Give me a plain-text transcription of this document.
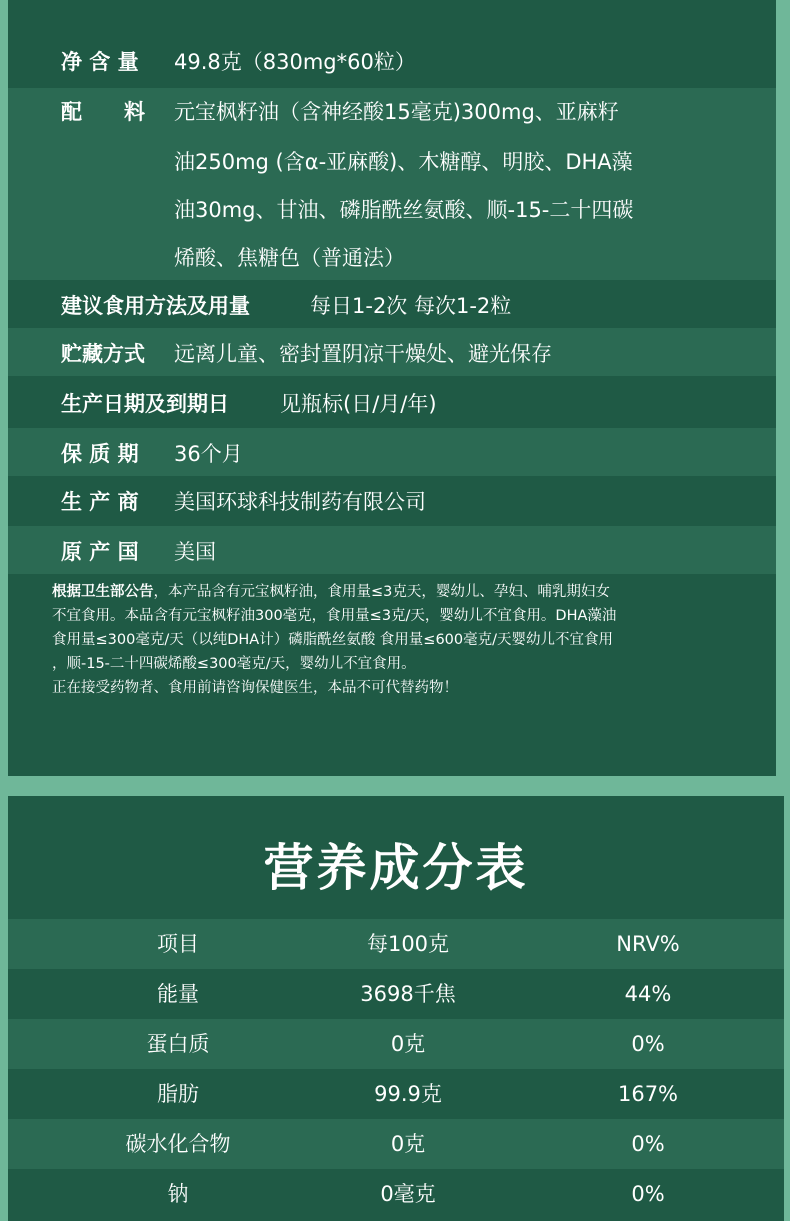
净 含 量 49.8克（830mg*60粒）
配　　料 元宝枫籽油（含神经酸15毫克)300mg、亚麻籽
油250mg (含α-亚麻酸)、木糖醇、明胶、DHA藻
油30mg、甘油、磷脂酰丝氨酸、顺-15-二十四碳
烯酸、焦糖色（普通法）
建议食用方法及用量	每日1-2次 每次1-2粒
贮藏方式 远离儿童、密封置阴凉干燥处、避光保存
生产日期及到期日 见瓶标(日/月/年)
保 质 期 36个月
生 产 商 美国环球科技制药有限公司
原 产 国 美国
根据卫生部公告，本产品含有元宝枫籽油，食用量≤3克天，婴幼儿、孕妇、哺乳期妇女
不宜食用。本品含有元宝枫籽油300毫克，食用量≤3克/天，婴幼儿不宜食用。DHA藻油
食用量≤300毫克/天（以纯DHA计）磷脂酰丝氨酸 食用量≤600毫克/天婴幼儿不宜食用
，顺-15-二十四碳烯酸≤300毫克/天，婴幼儿不宜食用。
正在接受药物者、食用前请咨询保健医生，本品不可代替药物！
营养成分表
项目	每100克	NRV%
能量	3698千焦	44%
蛋白质	0克	0%
脂肪	99.9克	167%
碳水化合物	0克	0%
钠	0毫克	0%
